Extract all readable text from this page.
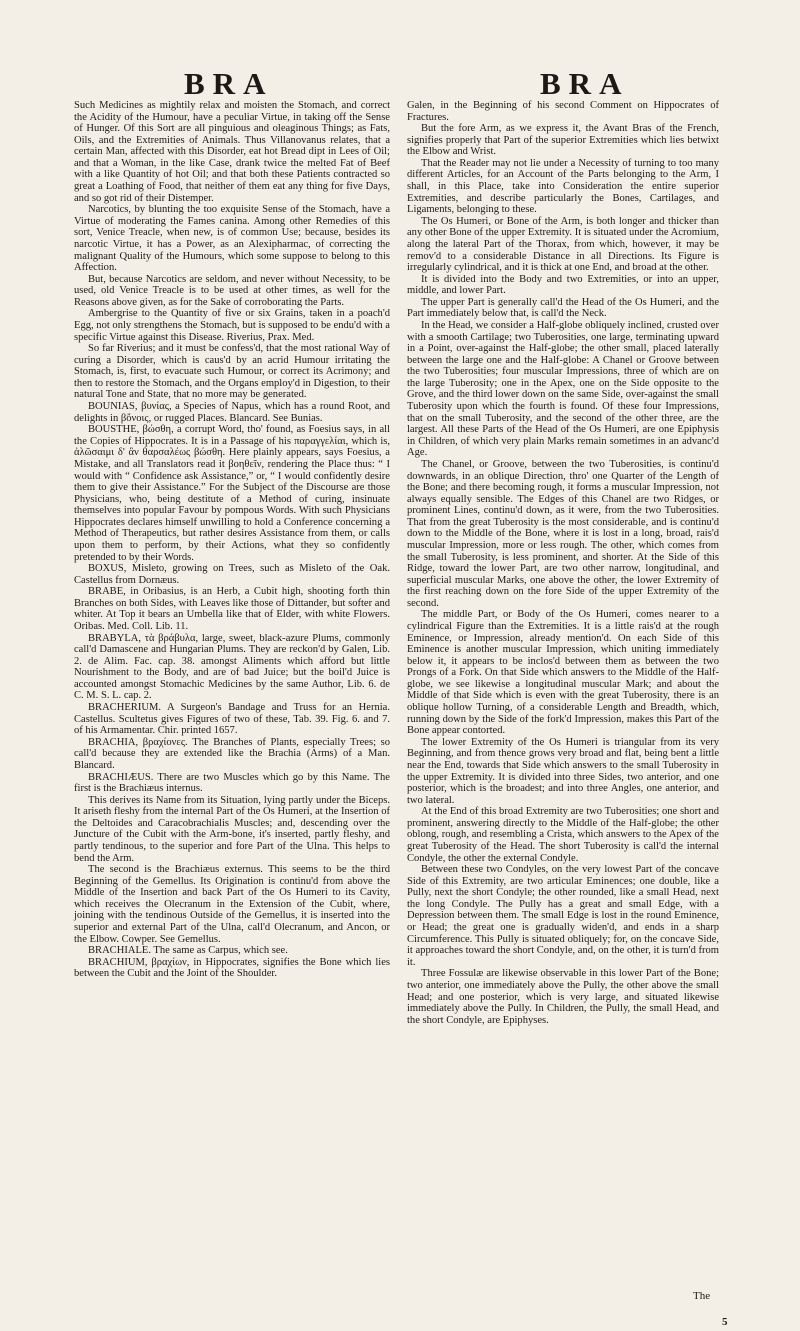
BRA	BRA

Such Medicines as mightily relax and moisten the Stomach, and correct the Acidity of the Humour, have a peculiar Virtue, in taking off the Sense of Hunger. Of this Sort are all pinguious and oleaginous Things; as Fats, Oils, and the Extremities of Animals. Thus Villanovanus relates, that a certain Man, affected with this Disorder, eat hot Bread dipt in Lees of Oil; and that a Woman, in the like Case, drank twice the melted Fat of Beef with a like Quantity of hot Oil; and that both these Patients contracted so great a Loathing of Food, that neither of them eat any thing for five Days, and so got rid of their Distemper.

Narcotics, by blunting the too exquisite Sense of the Stomach, have a Virtue of moderating the Fames canina. Among other Remedies of this sort, Venice Treacle, when new, is of common Use; because, besides its narcotic Virtue, it has a Power, as an Alexipharmac, of correcting the malignant Quality of the Humours, which some suppose to belong to this Affection.

But, because Narcotics are seldom, and never without Necessity, to be used, old Venice Treacle is to be used at other times, as well for the Reasons above given, as for the Sake of corroborating the Parts.

Ambergrise to the Quantity of five or six Grains, taken in a poach'd Egg, not only strengthens the Stomach, but is supposed to be endu'd with a specific Virtue against this Disease. Riverius, Prax. Med.

So far Riverius; and it must be confess'd, that the most rational Way of curing a Disorder, which is caus'd by an acrid Humour irritating the Stomach, is, first, to evacuate such Humour, or correct its Acrimony; and then to restore the Stomach, and the Organs employ'd in Digestion, to their natural Tone and State, that no more may be generated.

BOUNIAS, βυνίας, a Species of Napus, which has a round Root, and delights in βὄνοις, or rugged Places. Blancard. See Bunias.

BOUSTHE, βώσθη, a corrupt Word, tho' found, as Foesius says, in all the Copies of Hippocrates. It is in a Passage of his παραγγελίαι, which is, ἀλῶσαιμι δ' ἂν θαρσαλέως βώσθη. Here plainly appears, says Foesius, a Mistake, and all Translators read it βοηθεῖν, rendering the Place thus: “ I would with “ Confidence ask Assistance,” or, “ I would confidently desire them to give their Assistance.” For the Subject of the Discourse are those Physicians, who, being destitute of a Method of curing, insinuate themselves into popular Favour by pompous Words. With such Physicians Hippocrates declares himself unwilling to hold a Conference concerning a Method of Therapeutics, but rather desires Assistance from them, or calls upon them to perform, by their Actions, what they so confidently pretended to by their Words.

BOXUS, Misleto, growing on Trees, such as Misleto of the Oak. Castellus from Dornæus.

BRABE, in Oribasius, is an Herb, a Cubit high, shooting forth thin Branches on both Sides, with Leaves like those of Dittander, but softer and whiter. At Top it bears an Umbella like that of Elder, with white Flowers. Oribas. Med. Coll. Lib. 11.

BRABYLA, τὰ βράβυλα, large, sweet, black-azure Plums, commonly call'd Damascene and Hungarian Plums. They are reckon'd by Galen, Lib. 2. de Alim. Fac. cap. 38. amongst Aliments which afford but little Nourishment to the Body, and are of bad Juice; but the boil'd Juice is accounted amongst Stomachic Medicines by the same Author, Lib. 6. de C. M. S. L. cap. 2.

BRACHERIUM. A Surgeon's Bandage and Truss for an Hernia. Castellus. Scultetus gives Figures of two of these, Tab. 39. Fig. 6. and 7. of his Armamentar. Chir. printed 1657.

BRACHIA, βραχίονες. The Branches of Plants, especially Trees; so call'd because they are extended like the Brachia (Arms) of a Man. Blancard.

BRACHIÆUS. There are two Muscles which go by this Name. The first is the Brachiæus internus.

This derives its Name from its Situation, lying partly under the Biceps. It ariseth fleshy from the internal Part of the Os Humeri, at the Insertion of the Deltoides and Caracobrachialis Muscles; and, descending over the Juncture of the Cubit with the Arm-bone, it's inserted, partly fleshy, and partly tendinous, to the superior and fore Part of the Ulna. This helps to bend the Arm.

The second is the Brachiæus externus. This seems to be the third Beginning of the Gemellus. Its Origination is continu'd from above the Middle of the Insertion and back Part of the Os Humeri to its Cavity, which receives the Olecranum in the Extension of the Cubit, where, joining with the tendinous Outside of the Gemellus, it is inserted into the superior and external Part of the Ulna, call'd Olecranum, and Ancon, or the Elbow. Cowper. See Gemellus.

BRACHIALE. The same as Carpus, which see.

BRACHIUM, βραχίων, in Hippocrates, signifies the Bone which lies between the Cubit and the Joint of the Shoulder.

Galen, in the Beginning of his second Comment on Hippocrates of Fractures.

But the fore Arm, as we express it, the Avant Bras of the French, signifies properly that Part of the superior Extremities which lies betwixt the Elbow and Wrist.

That the Reader may not lie under a Necessity of turning to too many different Articles, for an Account of the Parts belonging to the Arm, I shall, in this Place, take into Consideration the entire superior Extremities, and describe particularly the Bones, Cartilages, and Ligaments, belonging to these.

The Os Humeri, or Bone of the Arm, is both longer and thicker than any other Bone of the upper Extremity. It is situated under the Acromium, along the lateral Part of the Thorax, from which, however, it may be remov'd to a considerable Distance in all Directions. Its Figure is irregularly cylindrical, and it is thick at one End, and broad at the other.

It is divided into the Body and two Extremities, or into an upper, middle, and lower Part.

The upper Part is generally call'd the Head of the Os Humeri, and the Part immediately below that, is call'd the Neck.

In the Head, we consider a Half-globe obliquely inclined, crusted over with a smooth Cartilage; two Tuberosities, one large, terminating upward in a Point, over-against the Half-globe; the other small, placed laterally between the large one and the Half-globe: A Chanel or Groove between the two Tuberosities; four muscular Impressions, three of which are on the large Tuberosity; one in the Apex, one on the Side opposite to the Grove, and the third lower down on the same Side, over-against the small Tuberosity upon which the fourth is found. Of these four Impressions, that on the small Tuberosity, and the second of the other three, are the largest. All these Parts of the Head of the Os Humeri, are one Epiphysis in Children, of which very plain Marks remain sometimes in an advanc'd Age.

The Chanel, or Groove, between the two Tuberosities, is continu'd downwards, in an oblique Direction, thro' one Quarter of the Length of the Bone; and there becoming rough, it forms a muscular Impression, not always equally sensible. The Edges of this Chanel are two Ridges, or prominent Lines, continu'd down, as it were, from the two Tuberosities. That from the great Tuberosity is the most considerable, and is continu'd down to the Middle of the Bone, where it is lost in a long, broad, rais'd muscular Impression, more or less rough. The other, which comes from the small Tuberosity, is less prominent, and shorter. At the Side of this Ridge, toward the lower Part, are two other narrow, longitudinal, and superficial muscular Marks, one above the other, the lower Extremity of the first reaching down on the fore Side of the upper Extremity of the second.

The middle Part, or Body of the Os Humeri, comes nearer to a cylindrical Figure than the Extremities. It is a little rais'd at the rough Eminence, or Impression, already mention'd. On each Side of this Eminence is another muscular Impression, which uniting immediately below it, it appears to be inclos'd between them as between the two Prongs of a Fork. On that Side which answers to the Middle of the Half-globe, we see likewise a longitudinal muscular Mark; and about the Middle of that Side which is even with the great Tuberosity, there is an oblique hollow Turning, of a considerable Length and Breadth, which, running down by the Side of the fork'd Impression, makes this Part of the Bone appear contorted.

The lower Extremity of the Os Humeri is triangular from its very Beginning, and from thence grows very broad and flat, being bent a little near the End, towards that Side which answers to the small Tuberosity in the upper Extremity. It is divided into three Sides, two anterior, and one posterior, which is the broadest; and into three Angles, one anterior, and two lateral.

At the End of this broad Extremity are two Tuberosities; one short and prominent, answering directly to the Middle of the Half-globe; the other oblong, rough, and resembling a Crista, which answers to the Apex of the great Tuberosity of the Head. The short Tuberosity is call'd the internal Condyle, the other the external Condyle.

Between these two Condyles, on the very lowest Part of the concave Side of this Extremity, are two articular Eminences; one double, like a Pully, next the short Condyle; the other rounded, like a small Head, next the long Condyle. The Pully has a great and small Edge, with a Depression between them. The small Edge is lost in the round Eminence, or Head; the great one is gradually widen'd, and ends in a sharp Circumference. This Pully is situated obliquely; for, on the concave Side, it approaches toward the short Condyle, and, on the other, it is turn'd from it.

Three Fossulæ are likewise observable in this lower Part of the Bone; two anterior, one immediately above the Pully, the other above the small Head; and one posterior, which is very large, and situated likewise immediately above the Pully. In Children, the Pully, the small Head, and the short Condyle, are Epiphyses.

The
5
